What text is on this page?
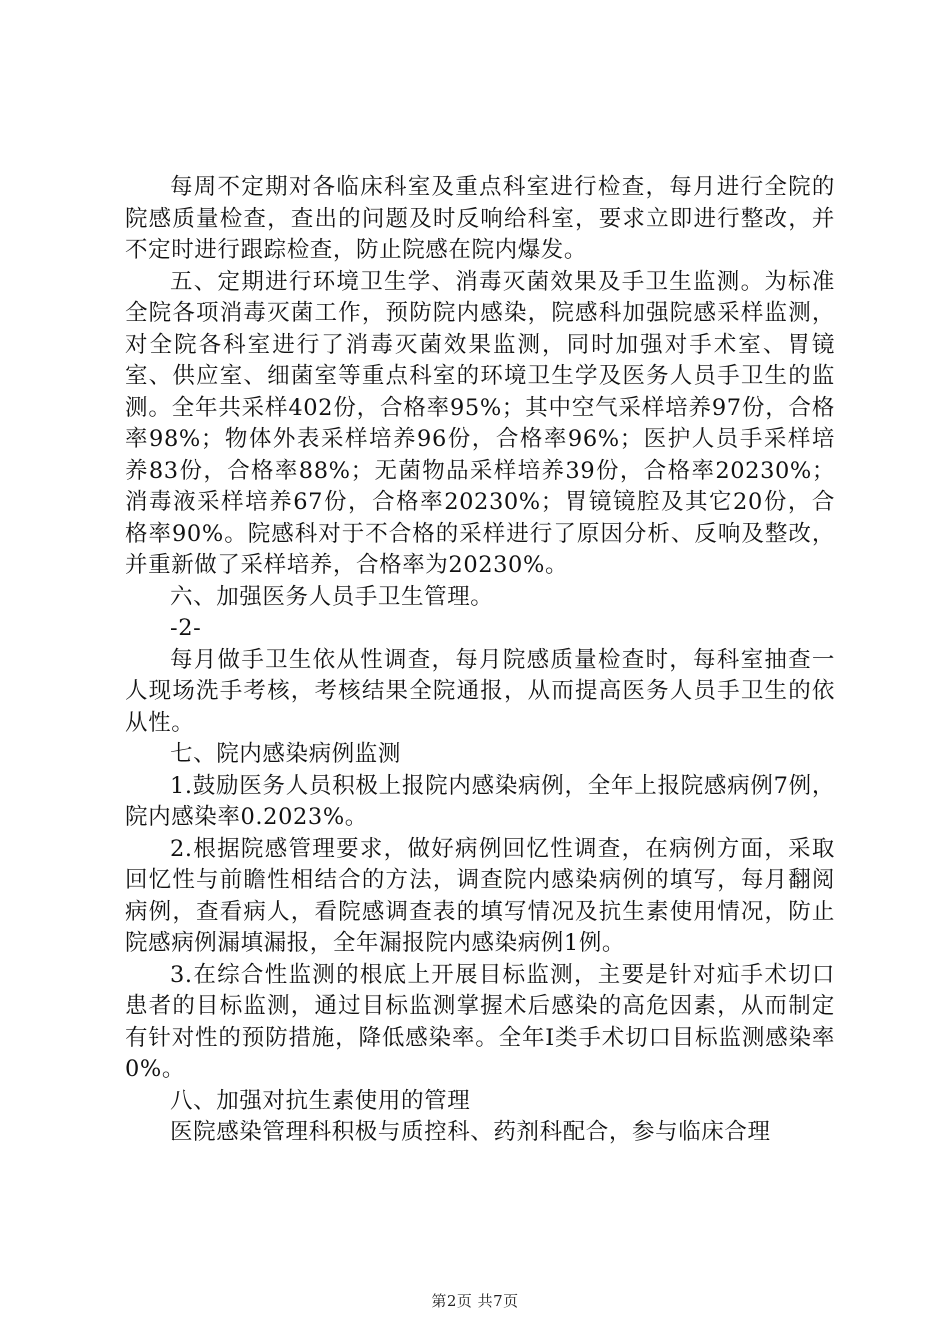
每周不定期对各临床科室及重点科室进行检查，每月进行全院的院感质量检查，查出的问题及时反响给科室，要求立即进行整改，并不定时进行跟踪检查，防止院感在院内爆发。

五、定期进行环境卫生学、消毒灭菌效果及手卫生监测。为标准全院各项消毒灭菌工作，预防院内感染，院感科加强院感采样监测，对全院各科室进行了消毒灭菌效果监测，同时加强对手术室、胃镜室、供应室、细菌室等重点科室的环境卫生学及医务人员手卫生的监测。全年共采样402份，合格率95%；其中空气采样培养97份，合格率98%；物体外表采样培养96份，合格率96%；医护人员手采样培养83份，合格率88%；无菌物品采样培养39份，合格率20230%；消毒液采样培养67份，合格率20230%；胃镜镜腔及其它20份，合格率90%。院感科对于不合格的采样进行了原因分析、反响及整改，并重新做了采样培养，合格率为20230%。

六、加强医务人员手卫生管理。

-2-

每月做手卫生依从性调查，每月院感质量检查时，每科室抽查一人现场洗手考核，考核结果全院通报，从而提高医务人员手卫生的依从性。

七、院内感染病例监测

1.鼓励医务人员积极上报院内感染病例，全年上报院感病例7例，院内感染率0.2023%。

2.根据院感管理要求，做好病例回忆性调查，在病例方面，采取回忆性与前瞻性相结合的方法，调查院内感染病例的填写，每月翻阅病例，查看病人，看院感调查表的填写情况及抗生素使用情况，防止院感病例漏填漏报，全年漏报院内感染病例1例。

3.在综合性监测的根底上开展目标监测，主要是针对疝手术切口患者的目标监测，通过目标监测掌握术后感染的高危因素，从而制定有针对性的预防措施，降低感染率。全年Ⅰ类手术切口目标监测感染率0%。

八、加强对抗生素使用的管理

医院感染管理科积极与质控科、药剂科配合，参与临床合理

第2页 共7页
